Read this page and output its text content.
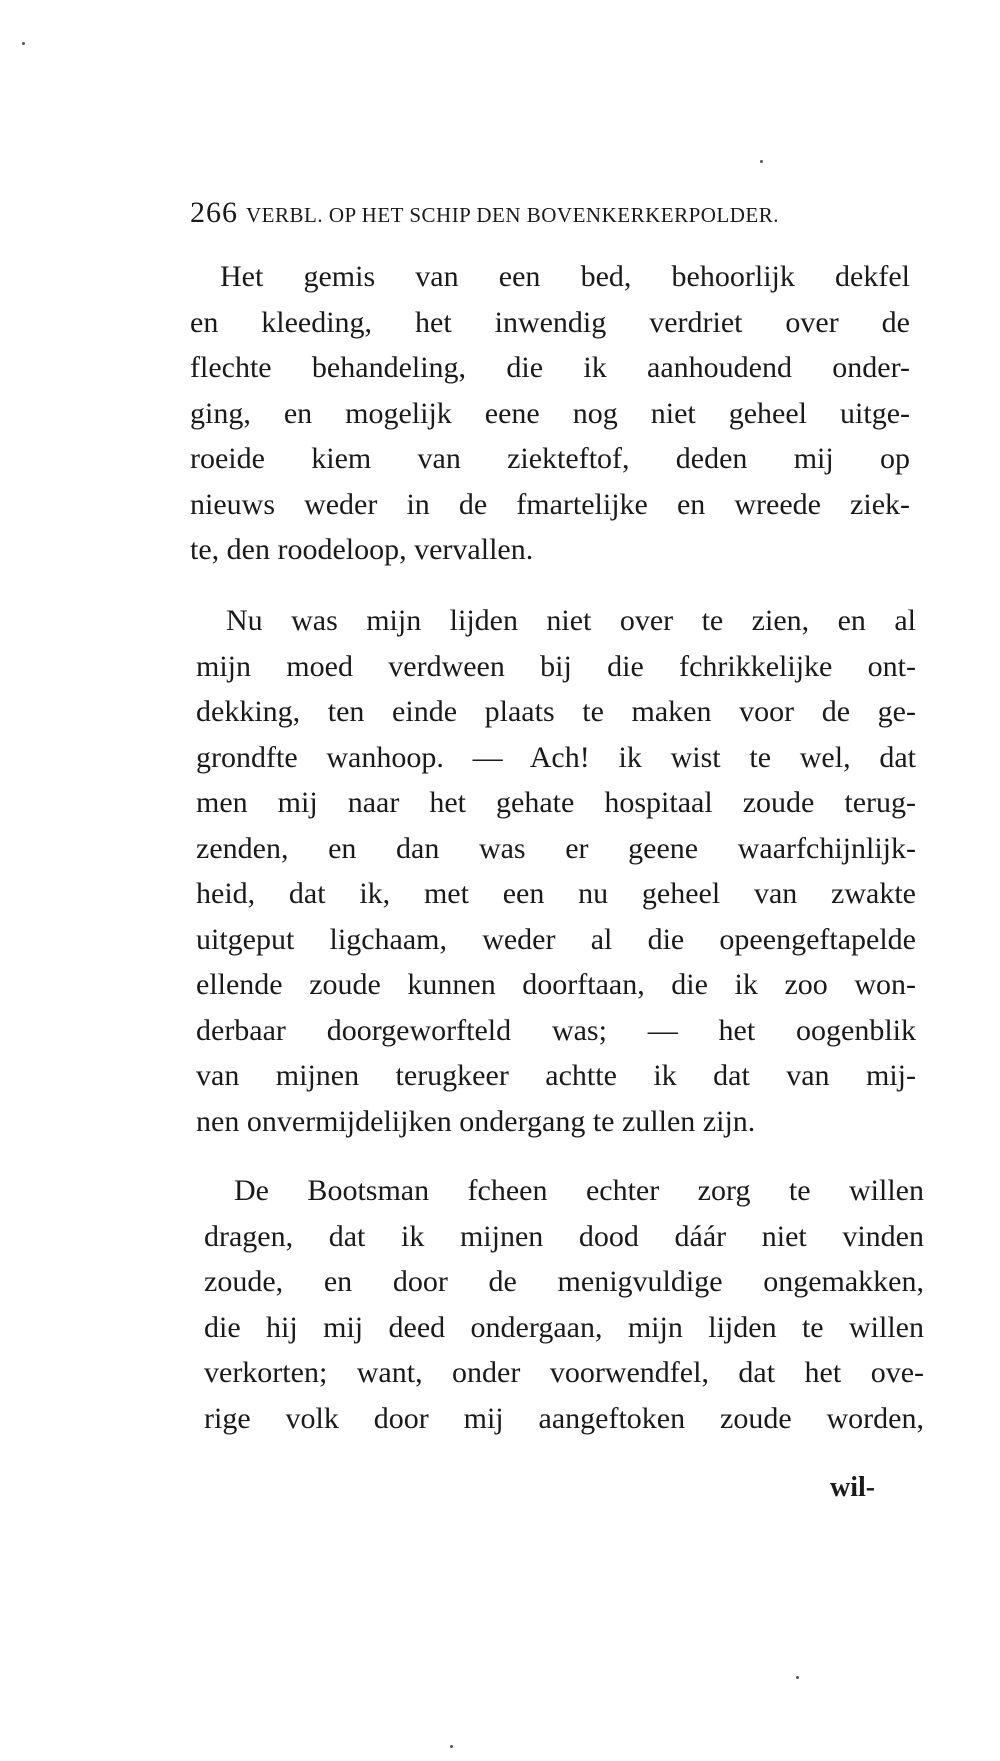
266 VERBL. OP HET SCHIP DEN BOVENKERKERPOLDER.
Het gemis van een bed, behoorlijk dekfel
en kleeding, het inwendig verdriet over de
flechte behandeling, die ik aanhoudend onder-
ging, en mogelijk eene nog niet geheel uitge-
roeide kiem van ziekteftof, deden mij op
nieuws weder in de fmartelijke en wreede ziek-
te, den roodeloop, vervallen.
Nu was mijn lijden niet over te zien, en al
mijn moed verdween bij die fchrikkelijke ont-
dekking, ten einde plaats te maken voor de ge-
grondfte wanhoop. — Ach! ik wist te wel, dat
men mij naar het gehate hospitaal zoude terug-
zenden, en dan was er geene waarfchijnlijk-
heid, dat ik, met een nu geheel van zwakte
uitgeput ligchaam, weder al die opeengeftapelde
ellende zoude kunnen doorftaan, die ik zoo won-
derbaar doorgeworfteld was; — het oogenblik
van mijnen terugkeer achtte ik dat van mij-
nen onvermijdelijken ondergang te zullen zijn.
De Bootsman fcheen echter zorg te willen
dragen, dat ik mijnen dood dáár niet vinden
zoude, en door de menigvuldige ongemakken,
die hij mij deed ondergaan, mijn lijden te willen
verkorten; want, onder voorwendfel, dat het ove-
rige volk door mij aangeftoken zoude worden,
wil-
